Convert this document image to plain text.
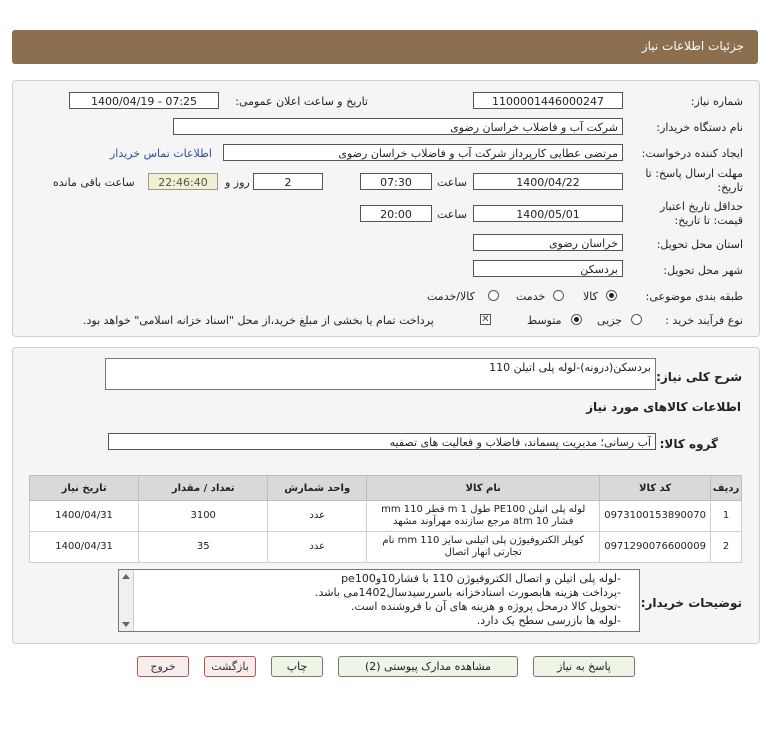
جزئیات اطلاعات نیاز
شماره نیاز:
1100001446000247
تاریخ و ساعت اعلان عمومی:
1400/04/19 - 07:25
نام دستگاه خریدار:
شرکت آب و فاضلاب خراسان رضوی
ایجاد کننده درخواست:
مرتضی عطایی کارپرداز شرکت آب و فاضلاب خراسان رضوی
اطلاعات تماس خریدار
مهلت ارسال پاسخ: تا
تاریخ:
1400/04/22
ساعت
07:30
2
روز و
22:46:40
ساعت باقی مانده
حداقل تاریخ اعتبار
قیمت: تا تاریخ:
1400/05/01
ساعت
20:00
استان محل تحویل:
خراسان رضوی
شهر محل تحویل:
بردسکن
طبقه بندی موضوعی:
کالا
خدمت
کالا/خدمت
نوع فرآیند خرید :
جزیی
متوسط
✕
پرداخت تمام یا بخشی از مبلغ خرید،از محل "اسناد خزانه اسلامی" خواهد بود.
شرح کلی نیاز:
بردسکن(درونه)-لوله پلی اتیلن 110
اطلاعات کالاهای مورد نیاز
گروه کالا:
آب رسانی؛ مدیریت پسماند، فاضلاب و فعالیت های تصفیه
ردیف	کد کالا	نام کالا	واحد شمارش	تعداد / مقدار	تاریخ نیاز
1	0973100153890070	لوله پلی اتیلن PE100 طول 1 m قطر 110 mm فشار 10 atm مرجع سازنده مهرآوند مشهد	عدد	3100	1400/04/31
2	0971290076600009	کوپلر الکتروفیوژن پلی اتیلنی سایز 110 mm نام تجارتی انهار اتصال	عدد	35	1400/04/31
توضیحات خریدار:
-لوله پلی اتیلن و اتصال الکتروفیوژن 110 با فشار10وpe100
-پرداخت هزینه هابصورت اسنادخزانه باسررسیدسال1402می باشد.
-تحویل کالا درمحل پروژه و هزینه های آن با فروشنده است.
-لوله ها بازرسی سطح یک دارد.
پاسخ به نیاز
مشاهده مدارک پیوستی (2)
چاپ
بازگشت
خروج
